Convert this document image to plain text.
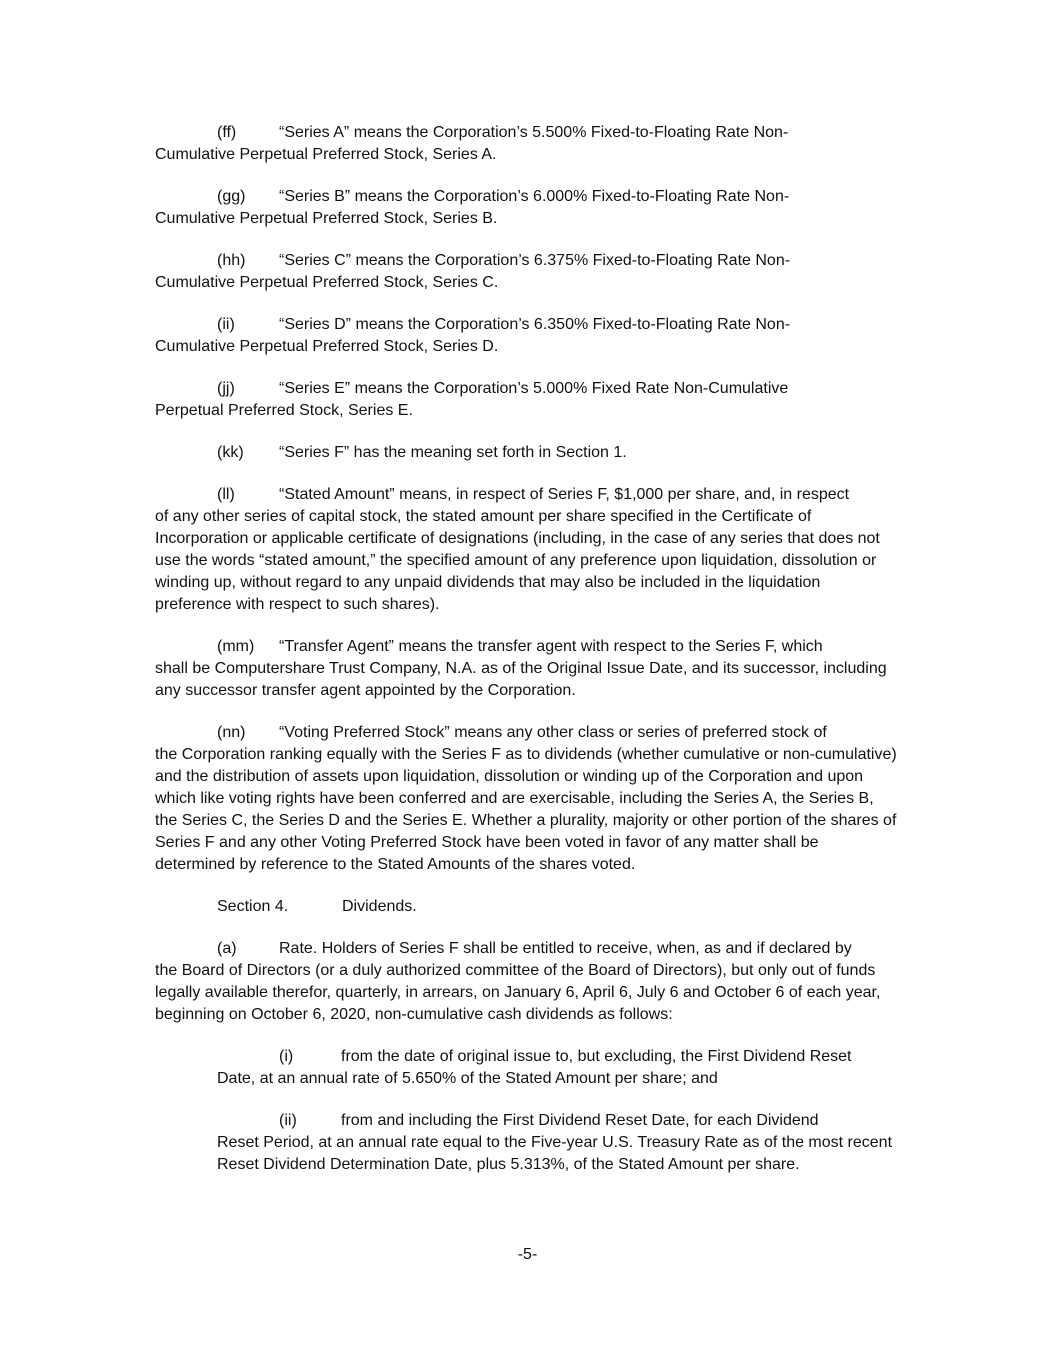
(ff)	“Series A” means the Corporation’s 5.500% Fixed-to-Floating Rate Non-
Cumulative Perpetual Preferred Stock, Series A.
(gg) “Series B” means the Corporation’s 6.000% Fixed-to-Floating Rate Non-
Cumulative Perpetual Preferred Stock, Series B.
(hh) “Series C” means the Corporation’s 6.375% Fixed-to-Floating Rate Non-
Cumulative Perpetual Preferred Stock, Series C.
(ii)	“Series D” means the Corporation’s 6.350% Fixed-to-Floating Rate Non-
Cumulative Perpetual Preferred Stock, Series D.
(jj)	“Series E” means the Corporation’s 5.000% Fixed Rate Non-Cumulative
Perpetual Preferred Stock, Series E.
(kk) “Series F” has the meaning set forth in Section 1.
(ll)	“Stated Amount” means, in respect of Series F, $1,000 per share, and, in respect
of any other series of capital stock, the stated amount per share specified in the Certificate of Incorporation or applicable certificate of designations (including, in the case of any series that does not use the words “stated amount,” the specified amount of any preference upon liquidation, dissolution or winding up, without regard to any unpaid dividends that may also be included in the liquidation preference with respect to such shares).
(mm) “Transfer Agent” means the transfer agent with respect to the Series F, which
shall be Computershare Trust Company, N.A. as of the Original Issue Date, and its successor, including any successor transfer agent appointed by the Corporation.
(nn) “Voting Preferred Stock” means any other class or series of preferred stock of
the Corporation ranking equally with the Series F as to dividends (whether cumulative or non-cumulative) and the distribution of assets upon liquidation, dissolution or winding up of the Corporation and upon which like voting rights have been conferred and are exercisable, including the Series A, the Series B, the Series C, the Series D and the Series E. Whether a plurality, majority or other portion of the shares of Series F and any other Voting Preferred Stock have been voted in favor of any matter shall be determined by reference to the Stated Amounts of the shares voted.
Section 4.	Dividends.
(a)	Rate. Holders of Series F shall be entitled to receive, when, as and if declared by
the Board of Directors (or a duly authorized committee of the Board of Directors), but only out of funds legally available therefor, quarterly, in arrears, on January 6, April 6, July 6 and October 6 of each year, beginning on October 6, 2020, non-cumulative cash dividends as follows:
(i)	from the date of original issue to, but excluding, the First Dividend Reset
Date, at an annual rate of 5.650% of the Stated Amount per share; and
(ii)	from and including the First Dividend Reset Date, for each Dividend
Reset Period, at an annual rate equal to the Five-year U.S. Treasury Rate as of the most recent Reset Dividend Determination Date, plus 5.313%, of the Stated Amount per share.
-5-
